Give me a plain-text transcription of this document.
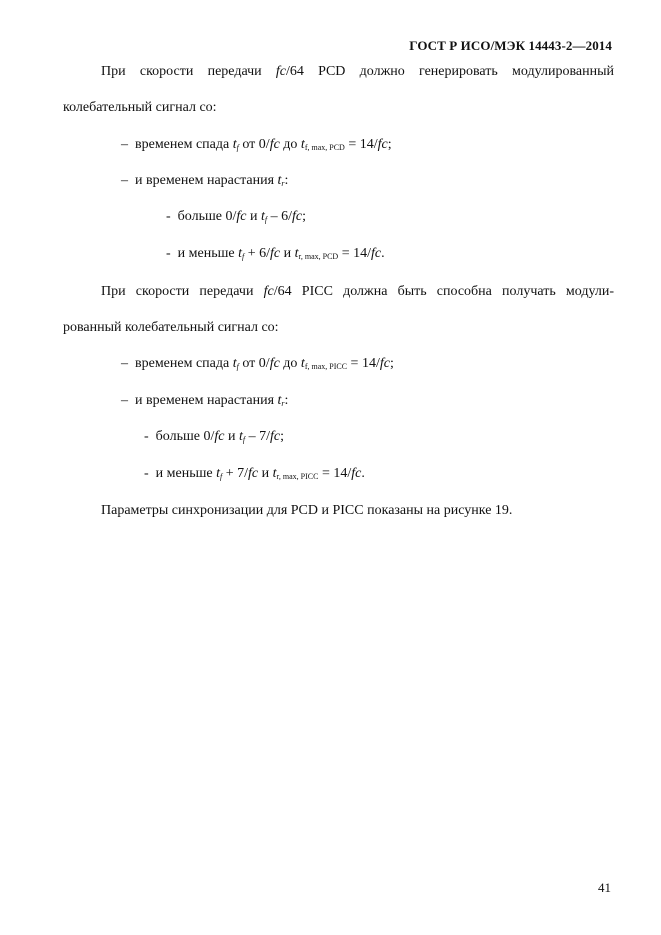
ГОСТ Р ИСО/МЭК 14443-2—2014
При скорости передачи fc/64 PCD должно генерировать модулированный
колебательный сигнал со:
– временем спада $t_f$ от 0/fc до $t_{f, max, PCD} = 14/fc$;
– и временем нарастания $t_r$:
- больше 0/fc и $t_f - 6/fc$;
- и меньше $t_f + 6/fc$ и $t_{r, max, PCD} = 14/fc$.
При скорости передачи fc/64 PICC должна быть способна получать модули-
рованный колебательный сигнал со:
– временем спада $t_f$ от 0/fc до $t_{f, max, PICC} = 14/fc$;
– и временем нарастания $t_r$:
- больше 0/fc и $t_f - 7/fc$;
- и меньше $t_f + 7/fc$ и $t_{r, max, PICC} = 14/fc$.
Параметры синхронизации для PCD и PICC показаны на рисунке 19.
41
